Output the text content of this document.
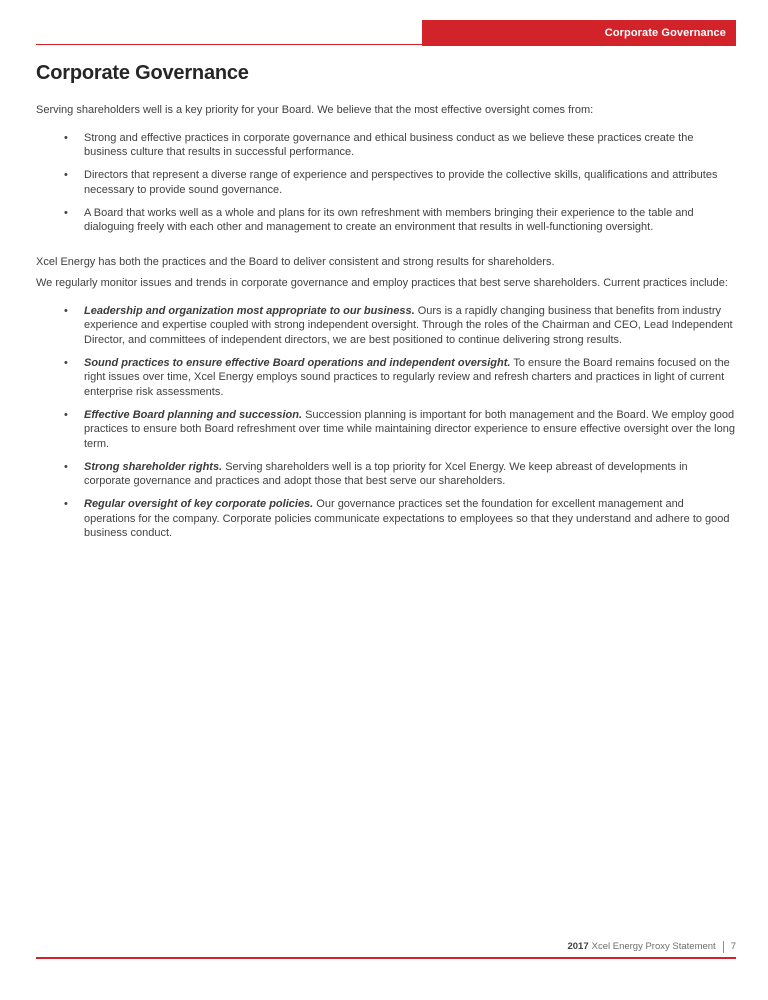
Corporate Governance
Corporate Governance

Serving shareholders well is a key priority for your Board. We believe that the most effective oversight comes from:

• Strong and effective practices in corporate governance and ethical business conduct as we believe these practices create the business culture that results in successful performance.
• Directors that represent a diverse range of experience and perspectives to provide the collective skills, qualifications and attributes necessary to provide sound governance.
• A Board that works well as a whole and plans for its own refreshment with members bringing their experience to the table and dialoguing freely with each other and management to create an environment that results in well-functioning oversight.

Xcel Energy has both the practices and the Board to deliver consistent and strong results for shareholders.

We regularly monitor issues and trends in corporate governance and employ practices that best serve shareholders. Current practices include:

• Leadership and organization most appropriate to our business. Ours is a rapidly changing business that benefits from industry experience and expertise coupled with strong independent oversight. Through the roles of the Chairman and CEO, Lead Independent Director, and committees of independent directors, we are best positioned to continue delivering strong results.
• Sound practices to ensure effective Board operations and independent oversight. To ensure the Board remains focused on the right issues over time, Xcel Energy employs sound practices to regularly review and refresh charters and practices in light of current enterprise risk assessments.
• Effective Board planning and succession. Succession planning is important for both management and the Board. We employ good practices to ensure both Board refreshment over time while maintaining director experience to ensure effective oversight over the long term.
• Strong shareholder rights. Serving shareholders well is a top priority for Xcel Energy. We keep abreast of developments in corporate governance and practices and adopt those that best serve our shareholders.
• Regular oversight of key corporate policies. Our governance practices set the foundation for excellent management and operations for the company. Corporate policies communicate expectations to employees so that they understand and adhere to good business conduct.
2017 Xcel Energy Proxy Statement 7
